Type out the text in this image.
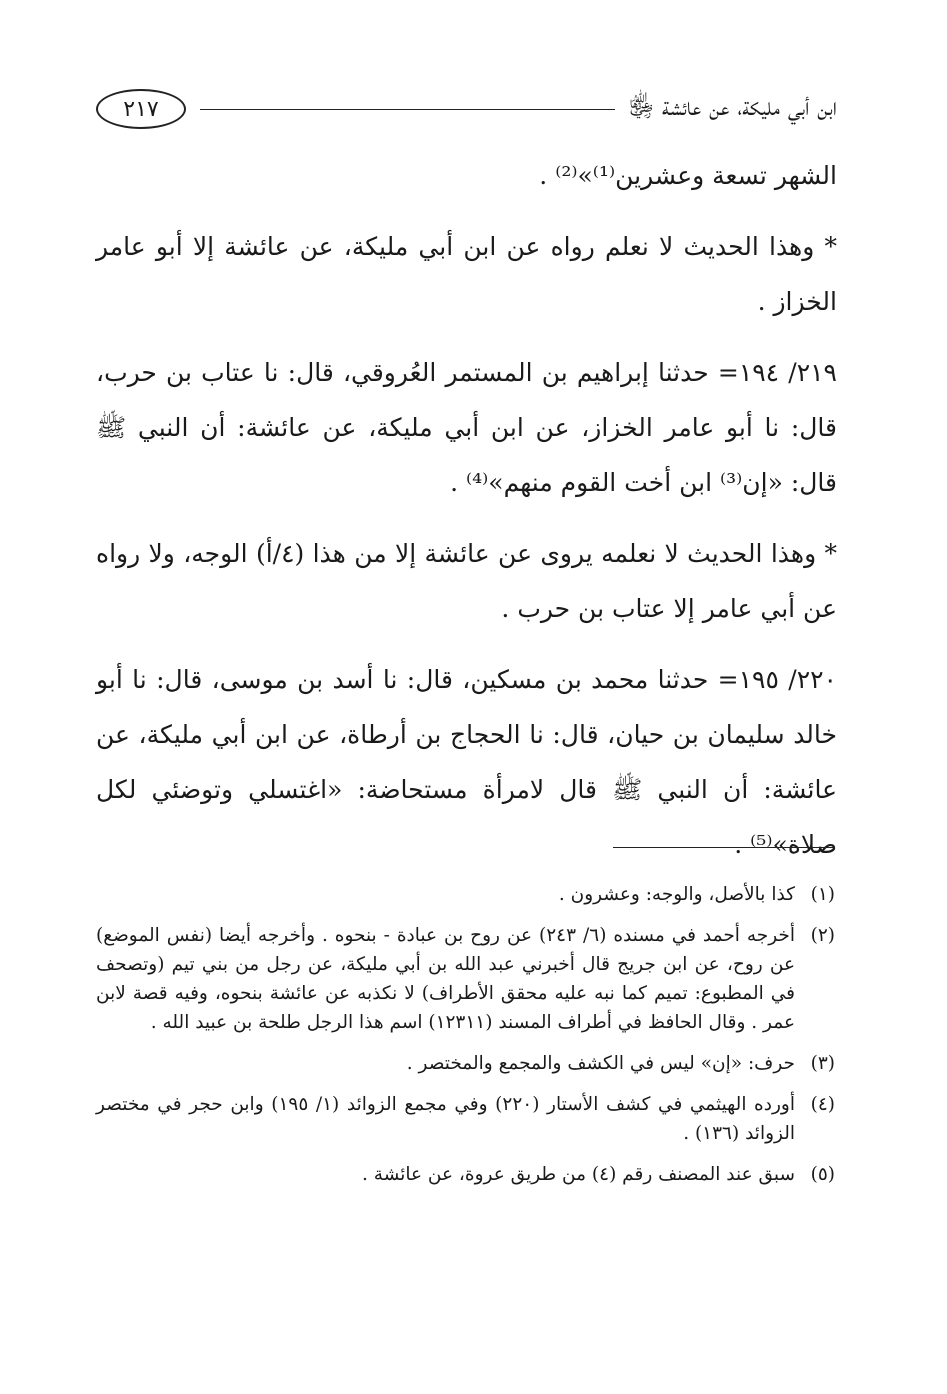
ابن أبي مليكة، عن عائشة ﵂
٢١٧

الشهر تسعة وعشرين⁽¹⁾»⁽²⁾ .

* وهذا الحديث لا نعلم رواه عن ابن أبي مليكة، عن عائشة إلا أبو عامر الخزاز .

٢١٩/ ١٩٤= حدثنا إبراهيم بن المستمر العُروقي، قال: نا عتاب بن حرب، قال: نا أبو عامر الخزاز، عن ابن أبي مليكة، عن عائشة: أن النبي ﷺ قال: «إن⁽³⁾ ابن أخت القوم منهم»⁽⁴⁾ .

* وهذا الحديث لا نعلمه يروى عن عائشة إلا من هذا (٤/أ) الوجه، ولا رواه عن أبي عامر إلا عتاب بن حرب .

٢٢٠/ ١٩٥= حدثنا محمد بن مسكين، قال: نا أسد بن موسى، قال: نا أبو خالد سليمان بن حيان، قال: نا الحجاج بن أرطاة، عن ابن أبي مليكة، عن عائشة: أن النبي ﷺ قال لامرأة مستحاضة: «اغتسلي وتوضئي لكل صلاة»⁽⁵⁾ .

(١)كذا بالأصل، والوجه: وعشرون .

(٢)أخرجه أحمد في مسنده (٦/ ٢٤٣) عن روح بن عبادة - بنحوه . وأخرجه أيضا (نفس الموضع) عن روح، عن ابن جريج قال أخبرني عبد الله بن أبي مليكة، عن رجل من بني تيم (وتصحف في المطبوع: تميم كما نبه عليه محقق الأطراف) لا نكذبه عن عائشة بنحوه، وفيه قصة لابن عمر . وقال الحافظ في أطراف المسند (١٢٣١١) اسم هذا الرجل طلحة بن عبيد الله .

(٣)حرف: «إن» ليس في الكشف والمجمع والمختصر .

(٤)أورده الهيثمي في كشف الأستار (٢٢٠) وفي مجمع الزوائد (١/ ١٩٥) وابن حجر في مختصر الزوائد (١٣٦) .

(٥)سبق عند المصنف رقم (٤) من طريق عروة، عن عائشة .
